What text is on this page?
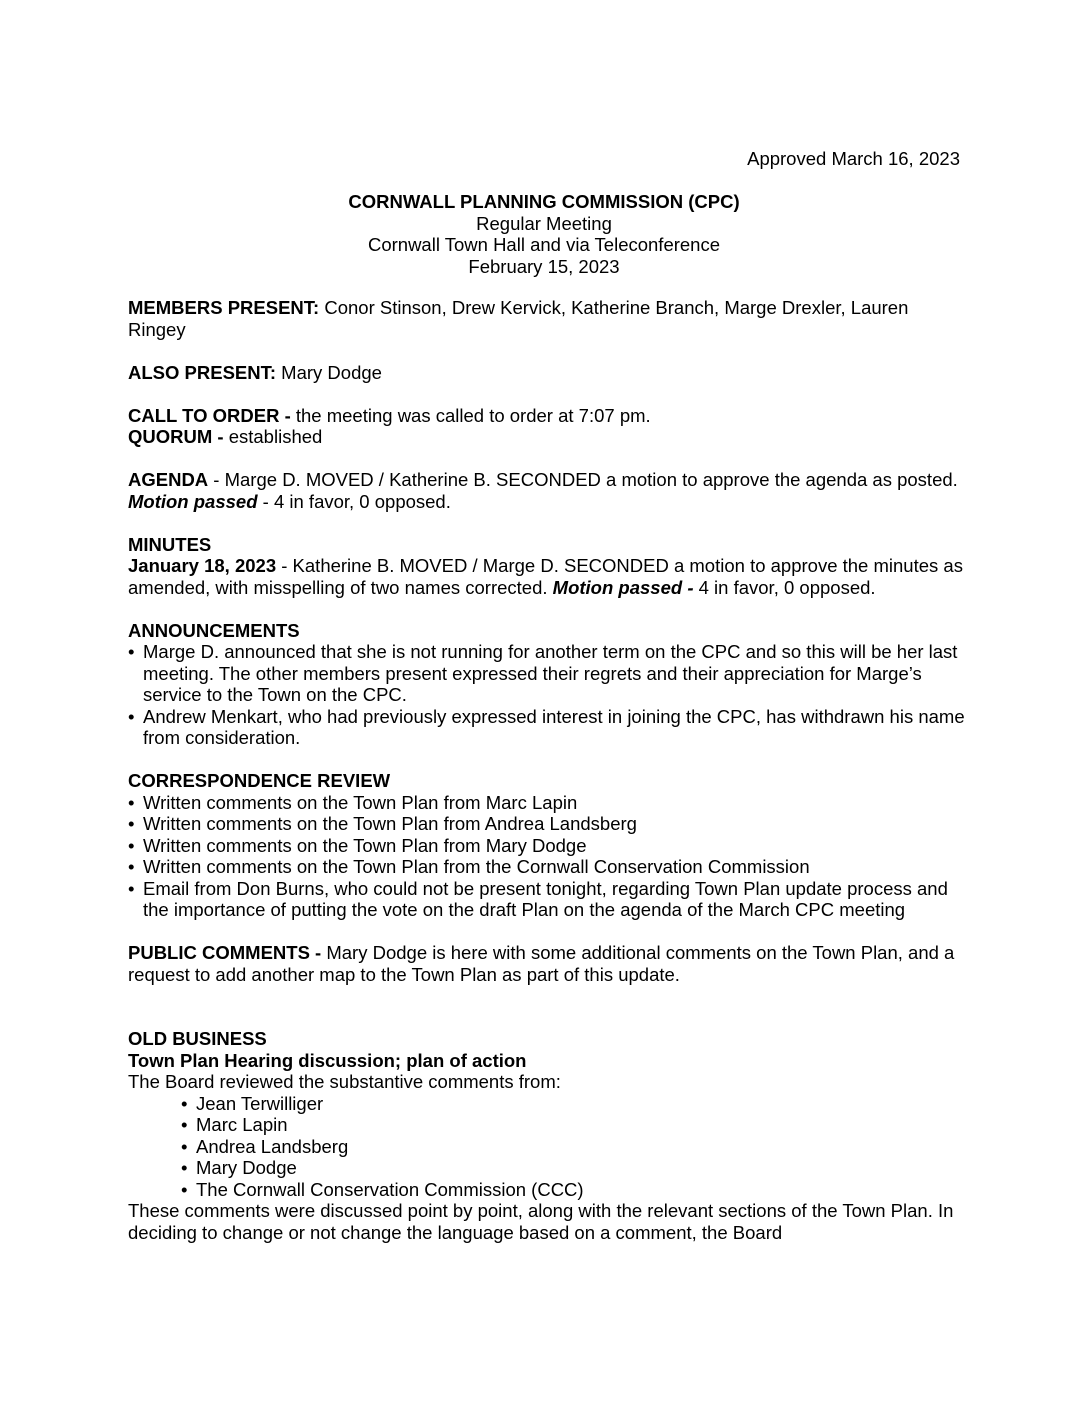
Approved March 16, 2023
CORNWALL PLANNING COMMISSION (CPC)
Regular Meeting
Cornwall Town Hall and via Teleconference
February 15, 2023

MEMBERS PRESENT: Conor Stinson, Drew Kervick, Katherine Branch, Marge Drexler, Lauren Ringey

ALSO PRESENT: Mary Dodge

CALL TO ORDER - the meeting was called to order at 7:07 pm.

QUORUM - established

AGENDA - Marge D. MOVED / Katherine B. SECONDED a motion to approve the agenda as posted. Motion passed - 4 in favor, 0 opposed.

MINUTES

January 18, 2023 - Katherine B. MOVED / Marge D. SECONDED a motion to approve the minutes as amended, with misspelling of two names corrected. Motion passed - 4 in favor, 0 opposed.

ANNOUNCEMENTS

• Marge D. announced that she is not running for another term on the CPC and so this will be her last meeting. The other members present expressed their regrets and their appreciation for Marge’s service to the Town on the CPC.
• Andrew Menkart, who had previously expressed interest in joining the CPC, has withdrawn his name from consideration.

CORRESPONDENCE REVIEW

• Written comments on the Town Plan from Marc Lapin
• Written comments on the Town Plan from Andrea Landsberg
• Written comments on the Town Plan from Mary Dodge
• Written comments on the Town Plan from the Cornwall Conservation Commission
• Email from Don Burns, who could not be present tonight, regarding Town Plan update process and the importance of putting the vote on the draft Plan on the agenda of the March CPC meeting

PUBLIC COMMENTS - Mary Dodge is here with some additional comments on the Town Plan, and a request to add another map to the Town Plan as part of this update.

OLD BUSINESS

Town Plan Hearing discussion; plan of action

The Board reviewed the substantive comments from:

• Jean Terwilliger
• Marc Lapin
• Andrea Landsberg
• Mary Dodge
• The Cornwall Conservation Commission (CCC)

These comments were discussed point by point, along with the relevant sections of the Town Plan. In deciding to change or not change the language based on a comment, the Board
